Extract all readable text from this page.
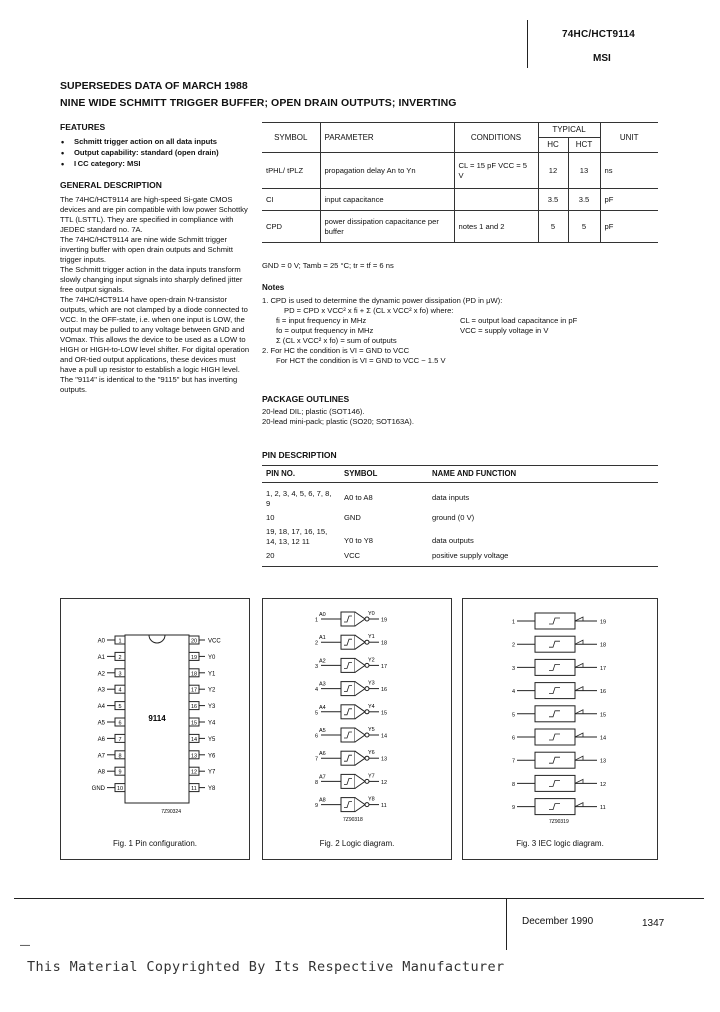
74HC/HCT9114
MSI
SUPERSEDES DATA OF MARCH 1988
NINE WIDE SCHMITT TRIGGER BUFFER; OPEN DRAIN OUTPUTS; INVERTING
FEATURES
• Schmitt trigger action on all data inputs
• Output capability: standard (open drain)
• I CC category: MSI
GENERAL DESCRIPTION

The 74HC/HCT9114 are high-speed Si-gate CMOS devices and are pin compatible with low power Schottky TTL (LSTTL). They are specified in compliance with JEDEC standard no. 7A.

The 74HC/HCT9114 are nine wide Schmitt trigger inverting buffer with open drain outputs and Schmitt trigger inputs.

The Schmitt trigger action in the data inputs transform slowly changing input signals into sharply defined jitter free output signals.

The 74HC/HCT9114 have open-drain N-transistor outputs, which are not clamped by a diode connected to VCC. In the OFF-state, i.e. when one input is LOW, the output may be pulled to any voltage between GND and VOmax. This allows the device to be used as a LOW to HIGH or HIGH-to-LOW level shifter. For digital operation and OR-tied output applications, these devices must have a pull up resistor to establish a logic HIGH level.

The "9114" is identical to the "9115" but has inverting outputs.

SYMBOL	PARAMETER	CONDITIONS	TYPICAL		UNIT
			HC	HCT	
tPHL/ tPLZ	propagation delay An to Yn	CL = 15 pF VCC = 5 V	12	13	ns
CI	input capacitance		3.5	3.5	pF
CPD	power dissipation capacitance per buffer	notes 1 and 2	5	5	pF
GND = 0 V; Tamb = 25 °C; tr = tf = 6 ns
Notes
1. CPD is used to determine the dynamic power dissipation (PD in μW):
PD = CPD x VCC² x fi + Σ (CL x VCC² x fo) where:
fi = input frequency in MHz	CL = output load capacitance in pF
fo = output frequency in MHz	VCC = supply voltage in V
Σ (CL x VCC² x fo) = sum of outputs
2. For HC the condition is VI = GND to VCC
For HCT the condition is VI = GND to VCC − 1.5 V
PACKAGE OUTLINES
20-lead DIL; plastic (SOT146).
20-lead mini-pack; plastic (SO20; SOT163A).
PIN DESCRIPTION
PIN NO.	SYMBOL	NAME AND FUNCTION
1, 2, 3, 4, 5, 6, 7, 8, 9	A0 to A8	data inputs
10	GND	ground (0 V)
19, 18, 17, 16, 15, 14, 13, 12 11	Y0 to Y8	data outputs
20	VCC	positive supply voltage
9114
1
A0	20 VCC
2
A1	19 Y0
3
A2	18 Y1
4
A3	17 Y2
5
A4	16 Y3
6
A5	15 Y4
7
A6	14 Y5
8
A7	13 Y6
9
A8	12 Y7
10
GND	11 Y8
7Z90324
Fig. 1 Pin configuration.
A0
1
Y0
19
A1
2
Y1
18
A2
3
Y2
17
A3
4
Y3
16
A4
5
Y4
15
A5
6
Y5
14
A6
7
Y6
13
A7
8
Y7
12
A8
9
Y8
11
7Z90318
Fig. 2 Logic diagram.
1	19
2	18
3	17
4	16
5	15
6	14
7	13
8	12
9	11
7Z90319
Fig. 3 IEC logic diagram.
December 1990	1347
—
This Material Copyrighted By Its Respective Manufacturer
